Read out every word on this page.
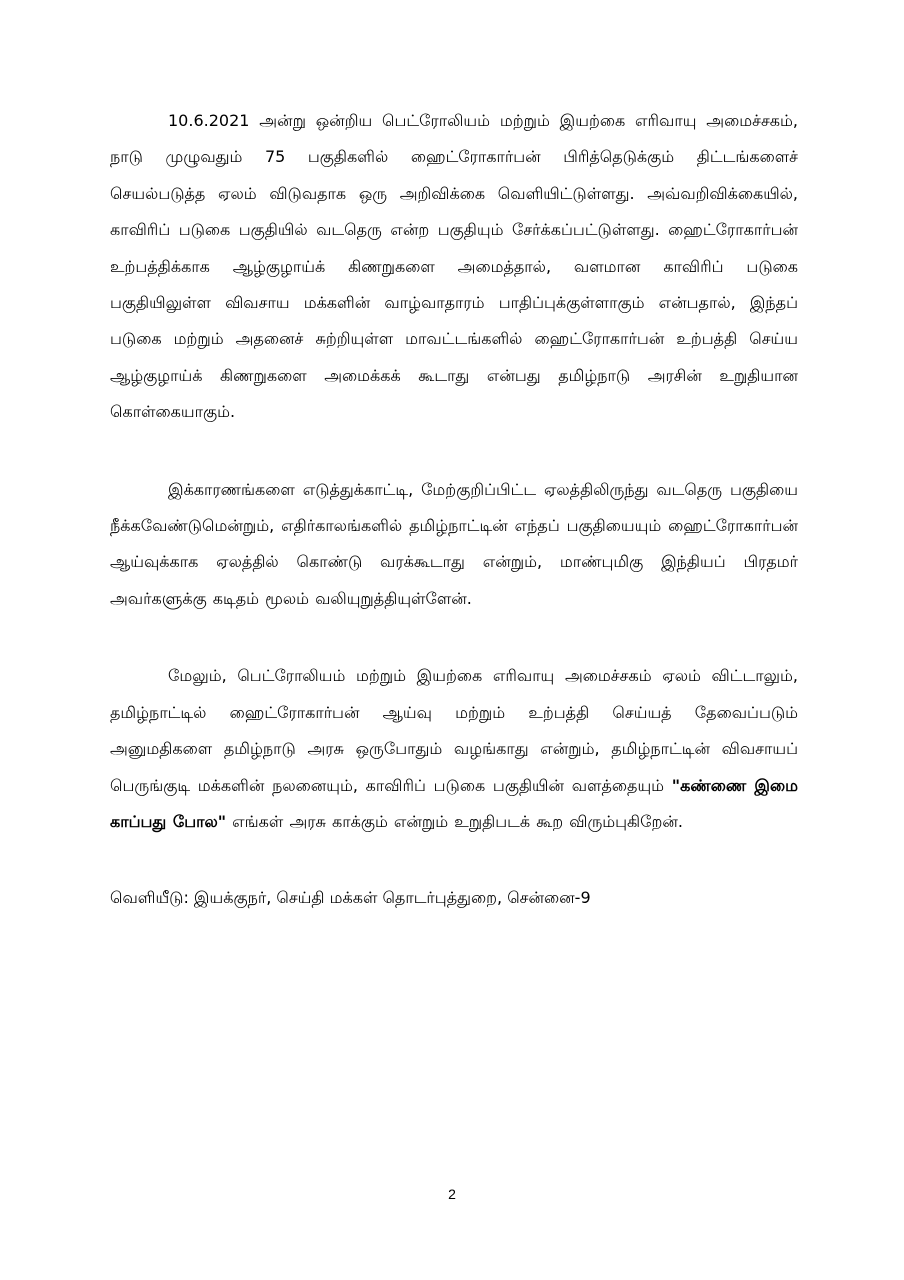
10.6.2021 அன்று ஒன்றிய பெட்ரோலியம் மற்றும் இயற்கை எரிவாயு அமைச்சகம், நாடு முழுவதும் 75 பகுதிகளில் ஹைட்ரோகார்பன் பிரித்தெடுக்கும் திட்டங்களைச் செயல்படுத்த ஏலம் விடுவதாக ஒரு அறிவிக்கை வெளியிட்டுள்ளது. அவ்வறிவிக்கையில், காவிரிப் படுகை பகுதியில் வடதெரு என்ற பகுதியும் சேர்க்கப்பட்டுள்ளது. ஹைட்ரோகார்பன் உற்பத்திக்காக ஆழ்குழாய்க் கிணறுகளை அமைத்தால், வளமான காவிரிப் படுகை பகுதியிலுள்ள விவசாய மக்களின் வாழ்வாதாரம் பாதிப்புக்குள்ளாகும் என்பதால், இந்தப் படுகை மற்றும் அதனைச் சுற்றியுள்ள மாவட்டங்களில் ஹைட்ரோகார்பன் உற்பத்தி செய்ய ஆழ்குழாய்க் கிணறுகளை அமைக்கக் கூடாது என்பது தமிழ்நாடு அரசின் உறுதியான கொள்கையாகும்.

இக்காரணங்களை எடுத்துக்காட்டி, மேற்குறிப்பிட்ட ஏலத்திலிருந்து வடதெரு பகுதியை நீக்கவேண்டுமென்றும், எதிர்காலங்களில் தமிழ்நாட்டின் எந்தப் பகுதியையும் ஹைட்ரோகார்பன் ஆய்வுக்காக ஏலத்தில் கொண்டு வரக்கூடாது என்றும், மாண்புமிகு இந்தியப் பிரதமர் அவர்களுக்கு கடிதம் மூலம் வலியுறுத்தியுள்ளேன்.

மேலும், பெட்ரோலியம் மற்றும் இயற்கை எரிவாயு அமைச்சகம் ஏலம் விட்டாலும், தமிழ்நாட்டில் ஹைட்ரோகார்பன் ஆய்வு மற்றும் உற்பத்தி செய்யத் தேவைப்படும் அனுமதிகளை தமிழ்நாடு அரசு ஒருபோதும் வழங்காது என்றும், தமிழ்நாட்டின் விவசாயப் பெருங்குடி மக்களின் நலனையும், காவிரிப் படுகை பகுதியின் வளத்தையும் "கண்ணை இமை காப்பது போல" எங்கள் அரசு காக்கும் என்றும் உறுதிபடக் கூற விரும்புகிறேன்.

வெளியீடு: இயக்குநர், செய்தி மக்கள் தொடர்புத்துறை, சென்னை-9
2
